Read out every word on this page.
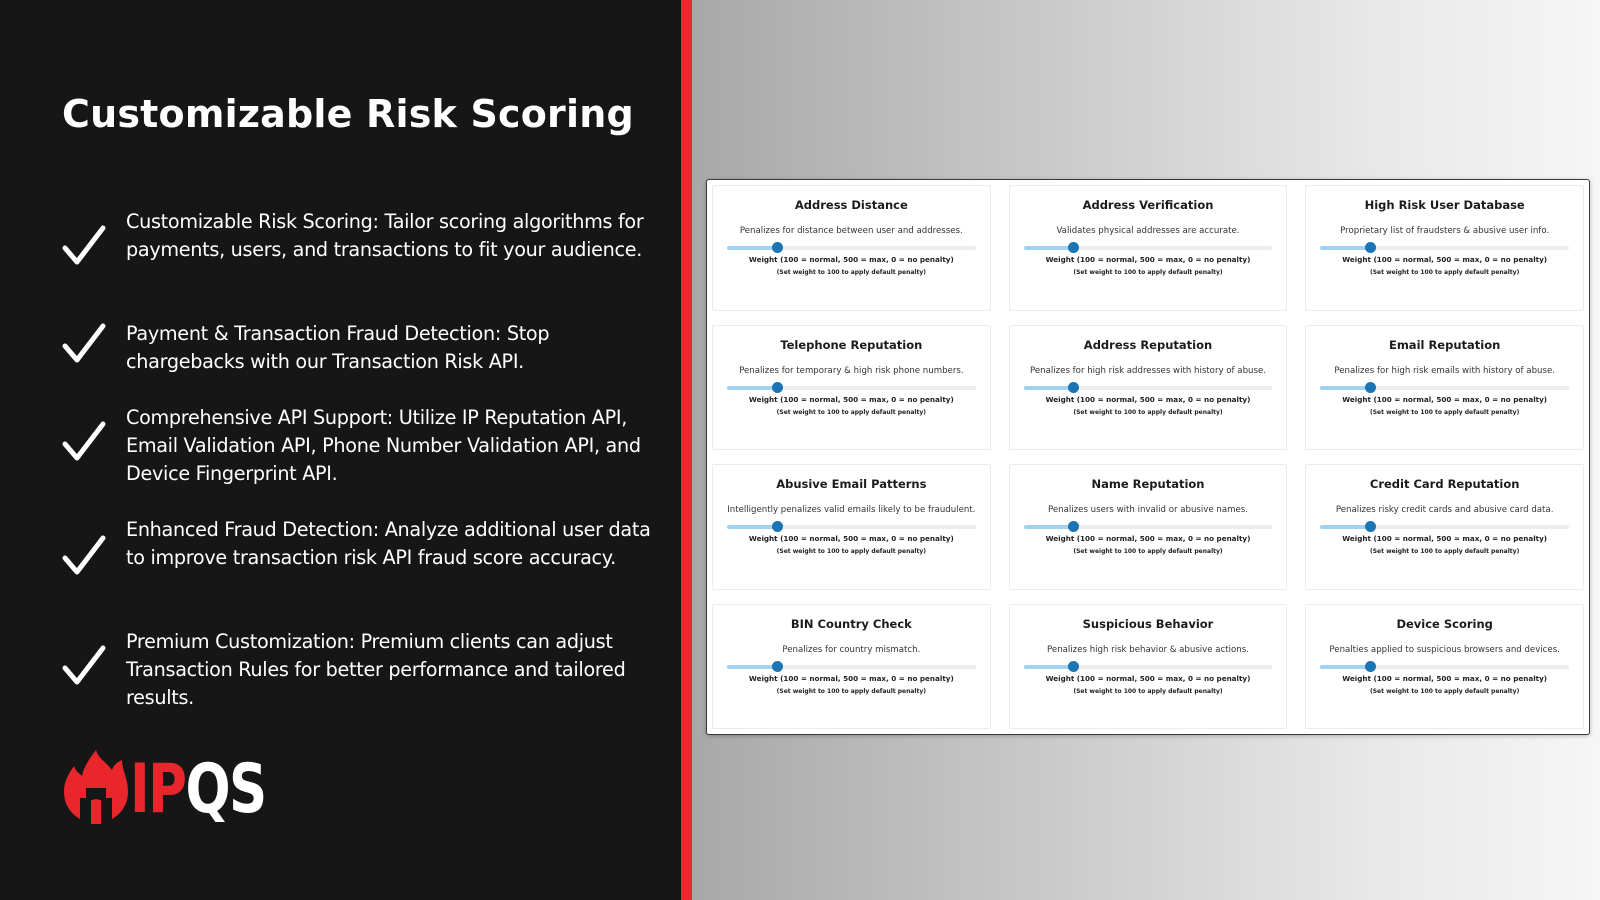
Customizable Risk Scoring
Customizable Risk Scoring: Tailor scoring algorithms for payments, users, and transactions to fit your audience.
Payment & Transaction Fraud Detection: Stop chargebacks with our Transaction Risk API.
Comprehensive API Support: Utilize IP Reputation API, Email Validation API, Phone Number Validation API, and Device Fingerprint API.
Enhanced Fraud Detection: Analyze additional user data to improve transaction risk API fraud score accuracy.
Premium Customization: Premium clients can adjust Transaction Rules for better performance and tailored results.
IPQS
Address Distance
Penalizes for distance between user and addresses.
Weight (100 = normal, 500 = max, 0 = no penalty)
(Set weight to 100 to apply default penalty)
Address Verification
Validates physical addresses are accurate.
Weight (100 = normal, 500 = max, 0 = no penalty)
(Set weight to 100 to apply default penalty)
High Risk User Database
Proprietary list of fraudsters & abusive user info.
Weight (100 = normal, 500 = max, 0 = no penalty)
(Set weight to 100 to apply default penalty)
Telephone Reputation
Penalizes for temporary & high risk phone numbers.
Weight (100 = normal, 500 = max, 0 = no penalty)
(Set weight to 100 to apply default penalty)
Address Reputation
Penalizes for high risk addresses with history of abuse.
Weight (100 = normal, 500 = max, 0 = no penalty)
(Set weight to 100 to apply default penalty)
Email Reputation
Penalizes for high risk emails with history of abuse.
Weight (100 = normal, 500 = max, 0 = no penalty)
(Set weight to 100 to apply default penalty)
Abusive Email Patterns
Intelligently penalizes valid emails likely to be fraudulent.
Weight (100 = normal, 500 = max, 0 = no penalty)
(Set weight to 100 to apply default penalty)
Name Reputation
Penalizes users with invalid or abusive names.
Weight (100 = normal, 500 = max, 0 = no penalty)
(Set weight to 100 to apply default penalty)
Credit Card Reputation
Penalizes risky credit cards and abusive card data.
Weight (100 = normal, 500 = max, 0 = no penalty)
(Set weight to 100 to apply default penalty)
BIN Country Check
Penalizes for country mismatch.
Weight (100 = normal, 500 = max, 0 = no penalty)
(Set weight to 100 to apply default penalty)
Suspicious Behavior
Penalizes high risk behavior & abusive actions.
Weight (100 = normal, 500 = max, 0 = no penalty)
(Set weight to 100 to apply default penalty)
Device Scoring
Penalties applied to suspicious browsers and devices.
Weight (100 = normal, 500 = max, 0 = no penalty)
(Set weight to 100 to apply default penalty)
